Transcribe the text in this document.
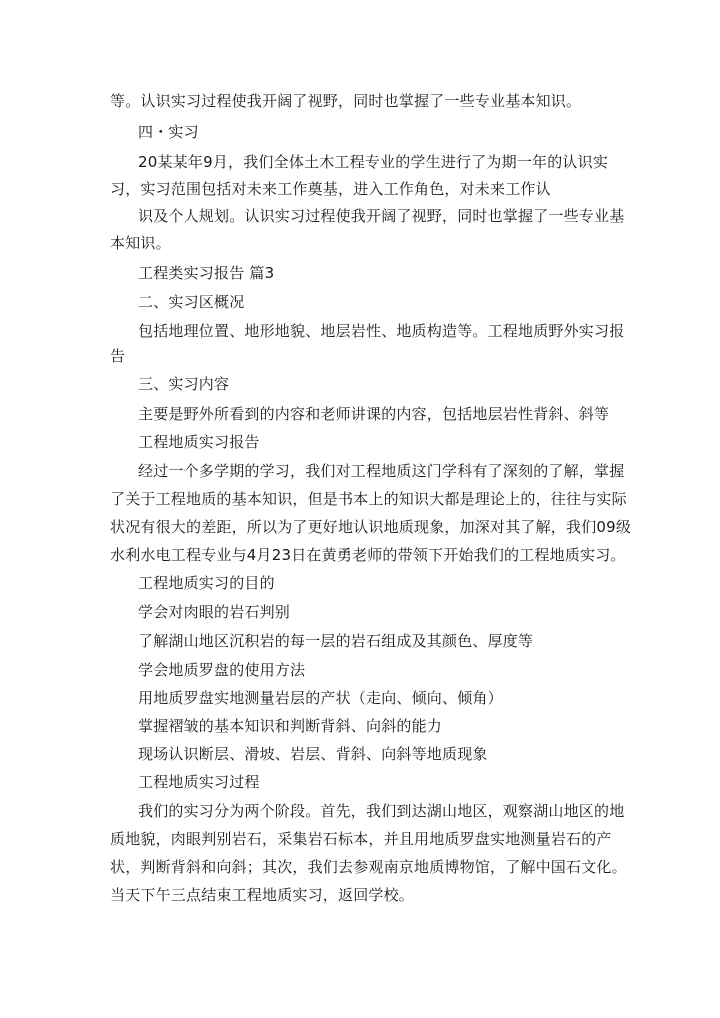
等。认识实习过程使我开阔了视野，同时也掌握了一些专业基本知识。
四・实习
20某某年9月，我们全体土木工程专业的学生进行了为期一年的认识实
习，实习范围包括对未来工作奠基，进入工作角色，对未来工作认
识及个人规划。认识实习过程使我开阔了视野，同时也掌握了一些专业基
本知识。
工程类实习报告 篇3
二、实习区概况
包括地理位置、地形地貌、地层岩性、地质构造等。工程地质野外实习报
告
三、实习内容
主要是野外所看到的内容和老师讲课的内容，包括地层岩性背斜、斜等
工程地质实习报告
经过一个多学期的学习，我们对工程地质这门学科有了深刻的了解，掌握
了关于工程地质的基本知识，但是书本上的知识大都是理论上的，往往与实际
状况有很大的差距，所以为了更好地认识地质现象，加深对其了解，我们09级
水利水电工程专业与4月23日在黄勇老师的带领下开始我们的工程地质实习。
工程地质实习的目的
学会对肉眼的岩石判别
了解湖山地区沉积岩的每一层的岩石组成及其颜色、厚度等
学会地质罗盘的使用方法
用地质罗盘实地测量岩层的产状（走向、倾向、倾角）
掌握褶皱的基本知识和判断背斜、向斜的能力
现场认识断层、滑坡、岩层、背斜、向斜等地质现象
工程地质实习过程
我们的实习分为两个阶段。首先，我们到达湖山地区，观察湖山地区的地
质地貌，肉眼判别岩石，采集岩石标本，并且用地质罗盘实地测量岩石的产
状，判断背斜和向斜；其次，我们去参观南京地质博物馆，了解中国石文化。
当天下午三点结束工程地质实习，返回学校。
